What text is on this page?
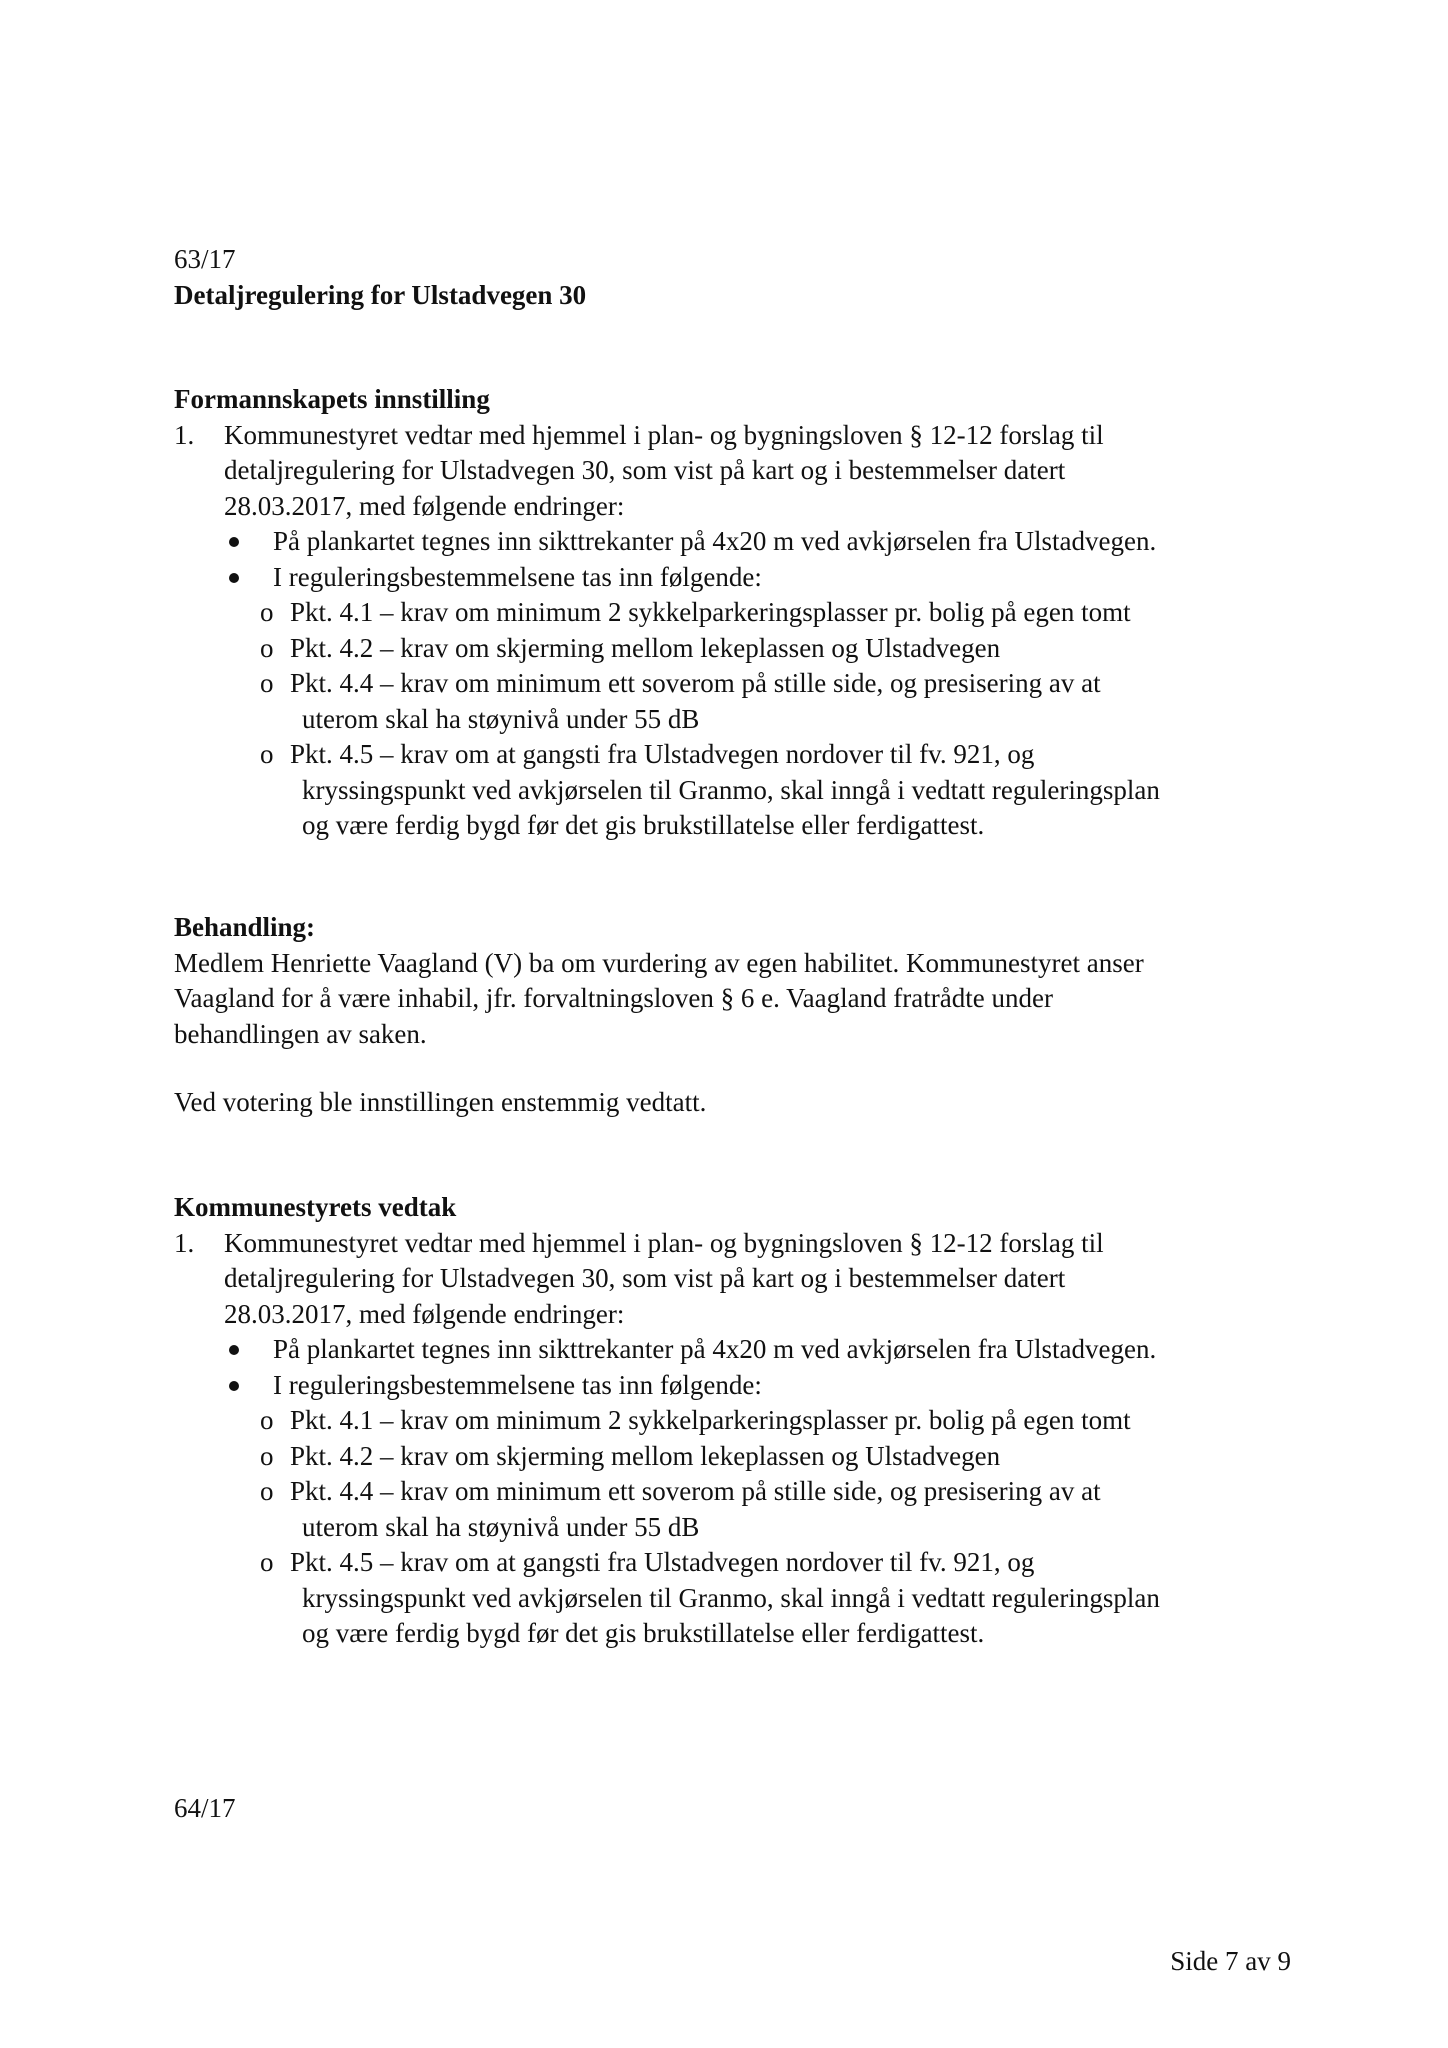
63/17
Detaljregulering for Ulstadvegen 30
Formannskapets innstilling
1. Kommunestyret vedtar med hjemmel i plan- og bygningsloven § 12-12 forslag til
detaljregulering for Ulstadvegen 30, som vist på kart og i bestemmelser datert
28.03.2017, med følgende endringer:
På plankartet tegnes inn sikttrekanter på 4x20 m ved avkjørselen fra Ulstadvegen.
I reguleringsbestemmelsene tas inn følgende:
o Pkt. 4.1 – krav om minimum 2 sykkelparkeringsplasser pr. bolig på egen tomt
o Pkt. 4.2 – krav om skjerming mellom lekeplassen og Ulstadvegen
o Pkt. 4.4 – krav om minimum ett soverom på stille side, og presisering av at
uterom skal ha støynivå under 55 dB
o Pkt. 4.5 – krav om at gangsti fra Ulstadvegen nordover til fv. 921, og
kryssingspunkt ved avkjørselen til Granmo, skal inngå i vedtatt reguleringsplan
og være ferdig bygd før det gis brukstillatelse eller ferdigattest.
Behandling:
Medlem Henriette Vaagland (V) ba om vurdering av egen habilitet. Kommunestyret anser
Vaagland for å være inhabil, jfr. forvaltningsloven § 6 e. Vaagland fratrådte under
behandlingen av saken.
Ved votering ble innstillingen enstemmig vedtatt.
Kommunestyrets vedtak
1. Kommunestyret vedtar med hjemmel i plan- og bygningsloven § 12-12 forslag til
detaljregulering for Ulstadvegen 30, som vist på kart og i bestemmelser datert
28.03.2017, med følgende endringer:
På plankartet tegnes inn sikttrekanter på 4x20 m ved avkjørselen fra Ulstadvegen.
I reguleringsbestemmelsene tas inn følgende:
o Pkt. 4.1 – krav om minimum 2 sykkelparkeringsplasser pr. bolig på egen tomt
o Pkt. 4.2 – krav om skjerming mellom lekeplassen og Ulstadvegen
o Pkt. 4.4 – krav om minimum ett soverom på stille side, og presisering av at
uterom skal ha støynivå under 55 dB
o Pkt. 4.5 – krav om at gangsti fra Ulstadvegen nordover til fv. 921, og
kryssingspunkt ved avkjørselen til Granmo, skal inngå i vedtatt reguleringsplan
og være ferdig bygd før det gis brukstillatelse eller ferdigattest.
64/17
Side 7 av 9
